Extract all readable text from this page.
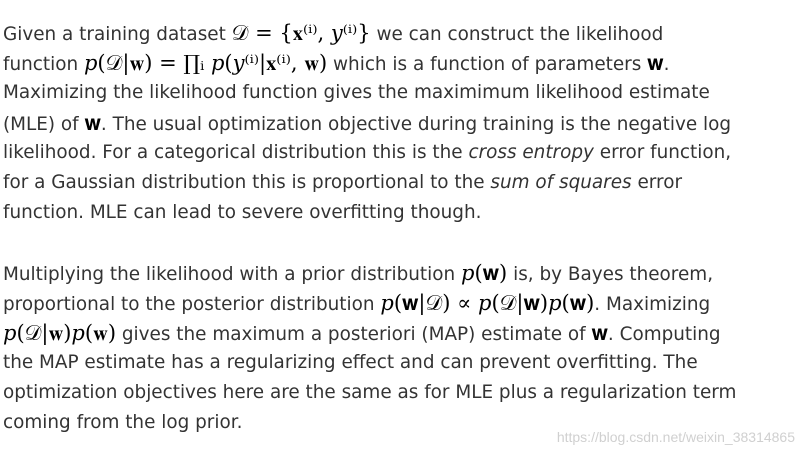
Given a training dataset 𝒟 = {𝐱⁽ⁱ⁾, 𝑦⁽ⁱ⁾} we can construct the likelihood
function 𝑝(𝒟|𝐰) = ∏ᵢ 𝑝(𝑦⁽ⁱ⁾|𝐱⁽ⁱ⁾, 𝐰) which is a function of parameters 𝐰.
Maximizing the likelihood function gives the maximimum likelihood estimate
(MLE) of 𝐰. The usual optimization objective during training is the negative log
likelihood. For a categorical distribution this is the cross entropy error function,
for a Gaussian distribution this is proportional to the sum of squares error
function. MLE can lead to severe overfitting though.

Multiplying the likelihood with a prior distribution 𝑝(𝐰) is, by Bayes theorem,
proportional to the posterior distribution 𝑝(𝐰|𝒟) ∝ 𝑝(𝒟|𝐰)𝑝(𝐰). Maximizing
𝑝(𝒟|𝐰)𝑝(𝐰) gives the maximum a posteriori (MAP) estimate of 𝐰. Computing
the MAP estimate has a regularizing effect and can prevent overfitting. The
optimization objectives here are the same as for MLE plus a regularization term
coming from the log prior.

https://blog.csdn.net/weixin_38314865
